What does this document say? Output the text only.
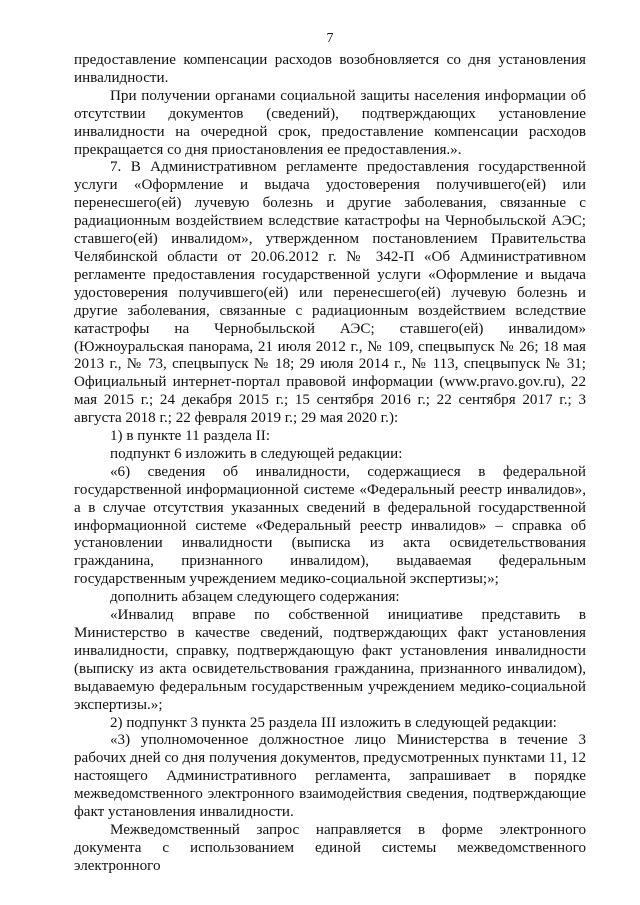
7

предоставление компенсации расходов возобновляется со дня установления инвалидности.

При получении органами социальной защиты населения информации об отсутствии документов (сведений), подтверждающих установление инвалидности на очередной срок, предоставление компенсации расходов прекращается со дня приостановления ее предоставления.».

7. В Административном регламенте предоставления государственной услуги «Оформление и выдача удостоверения получившего(ей) или перенесшего(ей) лучевую болезнь и другие заболевания, связанные с радиационным воздействием вследствие катастрофы на Чернобыльской АЭС; ставшего(ей) инвалидом», утвержденном постановлением Правительства Челябинской области от 20.06.2012 г. № 342-П «Об Административном регламенте предоставления государственной услуги «Оформление и выдача удостоверения получившего(ей) или перенесшего(ей) лучевую болезнь и другие заболевания, связанные с радиационным воздействием вследствие катастрофы на Чернобыльской АЭС; ставшего(ей) инвалидом» (Южноуральская панорама, 21 июля 2012 г., № 109, спецвыпуск № 26; 18 мая 2013 г., № 73, спецвыпуск № 18; 29 июля 2014 г., № 113, спецвыпуск № 31; Официальный интернет-портал правовой информации (www.pravo.gov.ru), 22 мая 2015 г.; 24 декабря 2015 г.; 15 сентября 2016 г.; 22 сентября 2017 г.; 3 августа 2018 г.; 22 февраля 2019 г.; 29 мая 2020 г.):

1) в пункте 11 раздела II:

подпункт 6 изложить в следующей редакции:

«6) сведения об инвалидности, содержащиеся в федеральной государственной информационной системе «Федеральный реестр инвалидов», а в случае отсутствия указанных сведений в федеральной государственной информационной системе «Федеральный реестр инвалидов» – справка об установлении инвалидности (выписка из акта освидетельствования гражданина, признанного инвалидом), выдаваемая федеральным государственным учреждением медико-социальной экспертизы;»;

дополнить абзацем следующего содержания:

«Инвалид вправе по собственной инициативе представить в Министерство в качестве сведений, подтверждающих факт установления инвалидности, справку, подтверждающую факт установления инвалидности (выписку из акта освидетельствования гражданина, признанного инвалидом), выдаваемую федеральным государственным учреждением медико-социальной экспертизы.»;

2) подпункт 3 пункта 25 раздела III изложить в следующей редакции:

«3) уполномоченное должностное лицо Министерства в течение 3 рабочих дней со дня получения документов, предусмотренных пунктами 11, 12 настоящего Административного регламента, запрашивает в порядке межведомственного электронного взаимодействия сведения, подтверждающие факт установления инвалидности.

Межведомственный запрос направляется в форме электронного документа с использованием единой системы межведомственного электронного
